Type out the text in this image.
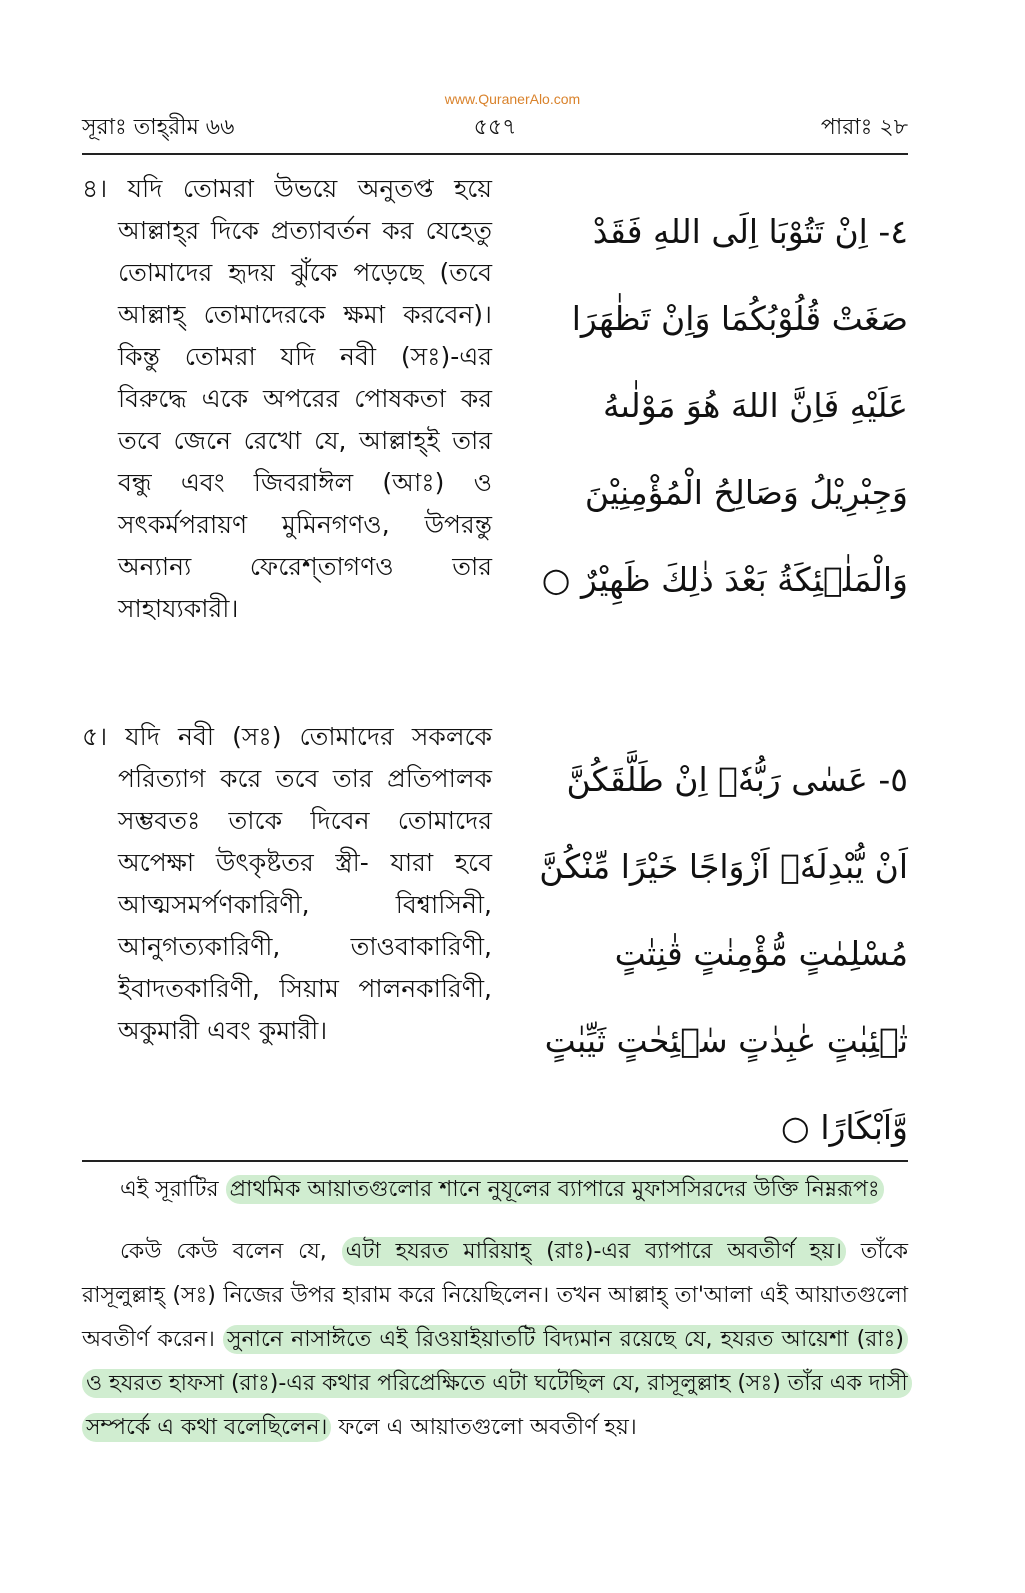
www.QuranerAlo.com
সূরাঃ তাহ্‌রীম ৬৬	৫৫৭	পারাঃ ২৮
৪। যদি তোমরা উভয়ে অনুতপ্ত হয়ে আল্লাহ্‌র দিকে প্রত্যাবর্তন কর যেহেতু তোমাদের হৃদয় ঝুঁকে পড়েছে (তবে আল্লাহ্‌ তোমাদেরকে ক্ষমা করবেন)। কিন্তু তোমরা যদি নবী (সঃ)-এর বিরুদ্ধে একে অপরের পোষকতা কর তবে জেনে রেখো যে, আল্লাহ্‌ই তার বন্ধু এবং জিবরাঈল (আঃ) ও সৎকর্মপরায়ণ মুমিনগণও, উপরন্তু অন্যান্য ফেরেশ্‌তাগণও তার সাহায্যকারী।
٤- اِنْ تَتُوْبَا اِلَى اللهِ فَقَدْ صَغَتْ قُلُوْبُكُمَا وَاِنْ تَظٰهَرَا عَلَيْهِ فَاِنَّ اللهَ هُوَ مَوْلٰىهُ وَجِبْرِيْلُ وَصَالِحُ الْمُؤْمِنِيْنَ وَالْمَلٰۤئِكَةُ بَعْدَ ذٰلِكَ ظَهِيْرٌ ○
৫। যদি নবী (সঃ) তোমাদের সকলকে পরিত্যাগ করে তবে তার প্রতিপালক সম্ভবতঃ তাকে দিবেন তোমাদের অপেক্ষা উৎকৃষ্টতর স্ত্রী- যারা হবে আত্মসমর্পণকারিণী, বিশ্বাসিনী, আনুগত্যকারিণী, তাওবাকারিণী, ইবাদতকারিণী, সিয়াম পালনকারিণী, অকুমারী এবং কুমারী।
٥- عَسٰى رَبُّهٗۤ اِنْ طَلَّقَكُنَّ اَنْ يُّبْدِلَهٗۤ اَزْوَاجًا خَيْرًا مِّنْكُنَّ مُسْلِمٰتٍ مُّؤْمِنٰتٍ قٰنِتٰتٍ تٰۤئِبٰتٍ عٰبِدٰتٍ سٰۤئِحٰتٍ ثَيِّبٰتٍ وَّاَبْكَارًا ○

এই সূরাটির প্রাথমিক আয়াতগুলোর শানে নুযূলের ব্যাপারে মুফাসসিরদের উক্তি নিম্নরূপঃ

কেউ কেউ বলেন যে, এটা হযরত মারিয়াহ্‌ (রাঃ)-এর ব্যাপারে অবতীর্ণ হয়। তাঁকে রাসূলুল্লাহ্‌ (সঃ) নিজের উপর হারাম করে নিয়েছিলেন। তখন আল্লাহ্‌ তা'আলা এই আয়াতগুলো অবতীর্ণ করেন। সুনানে নাসাঈতে এই রিওয়াইয়াতটি বিদ্যমান রয়েছে যে, হযরত আয়েশা (রাঃ) ও হযরত হাফসা (রাঃ)-এর কথার পরিপ্রেক্ষিতে এটা ঘটেছিল যে, রাসূলুল্লাহ (সঃ) তাঁর এক দাসী সম্পর্কে এ কথা বলেছিলেন। ফলে এ আয়াতগুলো অবতীর্ণ হয়।
